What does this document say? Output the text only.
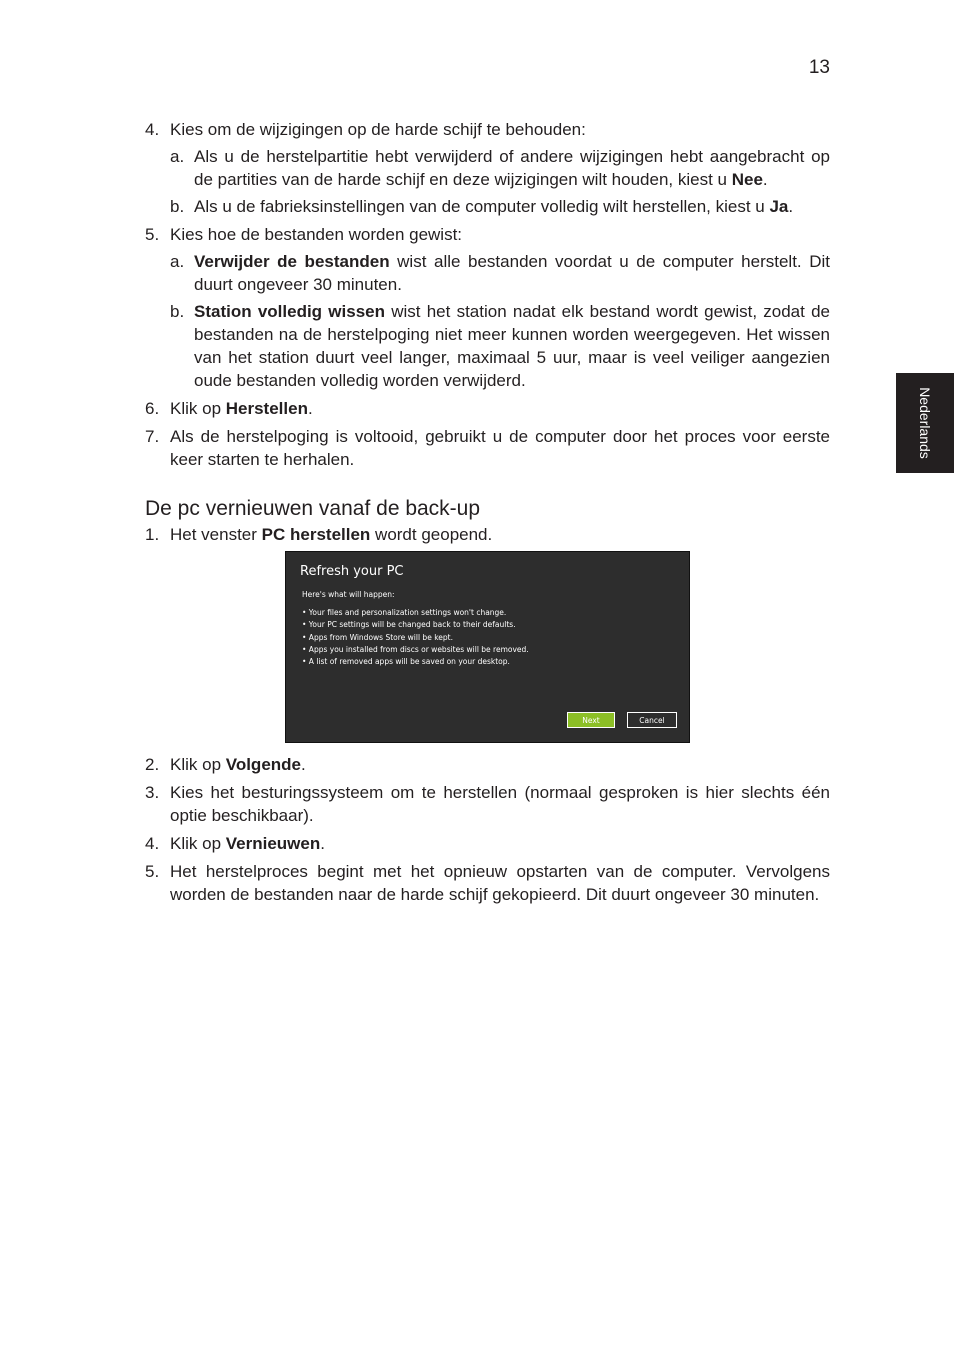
13
Nederlands
4. Kies om de wijzigingen op de harde schijf te behouden:
a. Als u de herstelpartitie hebt verwijderd of andere wijzigingen hebt aangebracht op de partities van de harde schijf en deze wijzigingen wilt houden, kiest u Nee.
b. Als u de fabrieksinstellingen van de computer volledig wilt herstellen, kiest u Ja.
5. Kies hoe de bestanden worden gewist:
a. Verwijder de bestanden wist alle bestanden voordat u de computer herstelt. Dit duurt ongeveer 30 minuten.
b. Station volledig wissen wist het station nadat elk bestand wordt gewist, zodat de bestanden na de herstelpoging niet meer kunnen worden weergegeven. Het wissen van het station duurt veel langer, maximaal 5 uur, maar is veel veiliger aangezien oude bestanden volledig worden verwijderd.
6. Klik op Herstellen.
7. Als de herstelpoging is voltooid, gebruikt u de computer door het proces voor eerste keer starten te herhalen.
De pc vernieuwen vanaf de back-up
1. Het venster PC herstellen wordt geopend.
Refresh your PC
Here's what will happen:
• Your files and personalization settings won't change.
• Your PC settings will be changed back to their defaults.
• Apps from Windows Store will be kept.
• Apps you installed from discs or websites will be removed.
• A list of removed apps will be saved on your desktop.
Next	Cancel
2. Klik op Volgende.
3. Kies het besturingssysteem om te herstellen (normaal gesproken is hier slechts één optie beschikbaar).
4. Klik op Vernieuwen.
5. Het herstelproces begint met het opnieuw opstarten van de computer. Vervolgens worden de bestanden naar de harde schijf gekopieerd. Dit duurt ongeveer 30 minuten.
